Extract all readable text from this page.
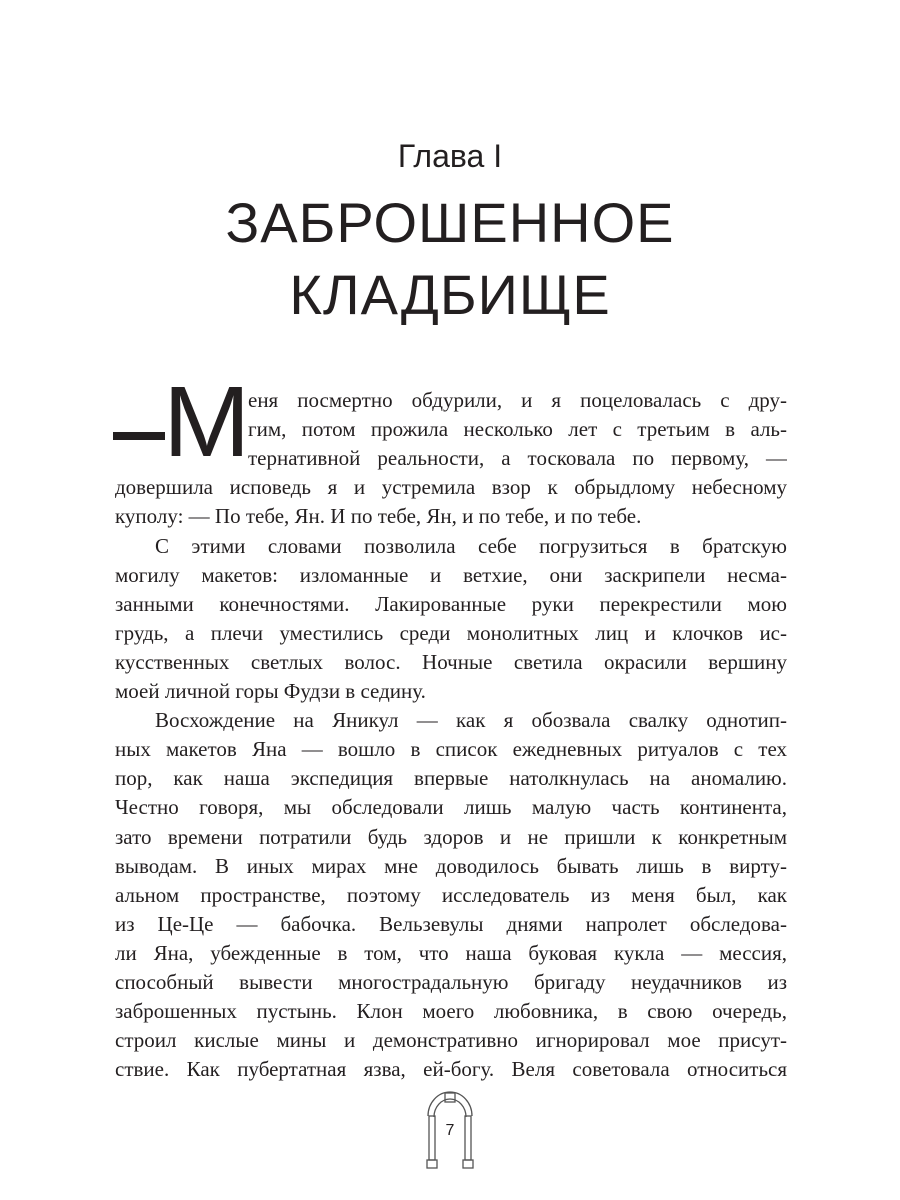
Глава I
ЗАБРОШЕННОЕ
КЛАДБИЩЕ
М
еня посмертно обдурили, и я поцеловалась с дру-
гим, потом прожила несколько лет с третьим в аль-
тернативной реальности, а тосковала по первому, —
довершила исповедь я и устремила взор к обрыдлому небесному
куполу: — По тебе, Ян. И по тебе, Ян, и по тебе, и по тебе.
С этими словами позволила себе погрузиться в братскую
могилу макетов: изломанные и ветхие, они заскрипели несма-
занными конечностями. Лакированные руки перекрестили мою
грудь, а плечи уместились среди монолитных лиц и клочков ис-
кусственных светлых волос. Ночные светила окрасили вершину
моей личной горы Фудзи в седину.
Восхождение на Яникул — как я обозвала свалку однотип-
ных макетов Яна — вошло в список ежедневных ритуалов с тех
пор, как наша экспедиция впервые натолкнулась на аномалию.
Честно говоря, мы обследовали лишь малую часть континента,
зато времени потратили будь здоров и не пришли к конкретным
выводам. В иных мирах мне доводилось бывать лишь в вирту-
альном пространстве, поэтому исследователь из меня был, как
из Це-Це — бабочка. Вельзевулы днями напролет обследова-
ли Яна, убежденные в том, что наша буковая кукла — мессия,
способный вывести многострадальную бригаду неудачников из
заброшенных пустынь. Клон моего любовника, в свою очередь,
строил кислые мины и демонстративно игнорировал мое присут-
ствие. Как пубертатная язва, ей-богу. Веля советовала относиться
7
